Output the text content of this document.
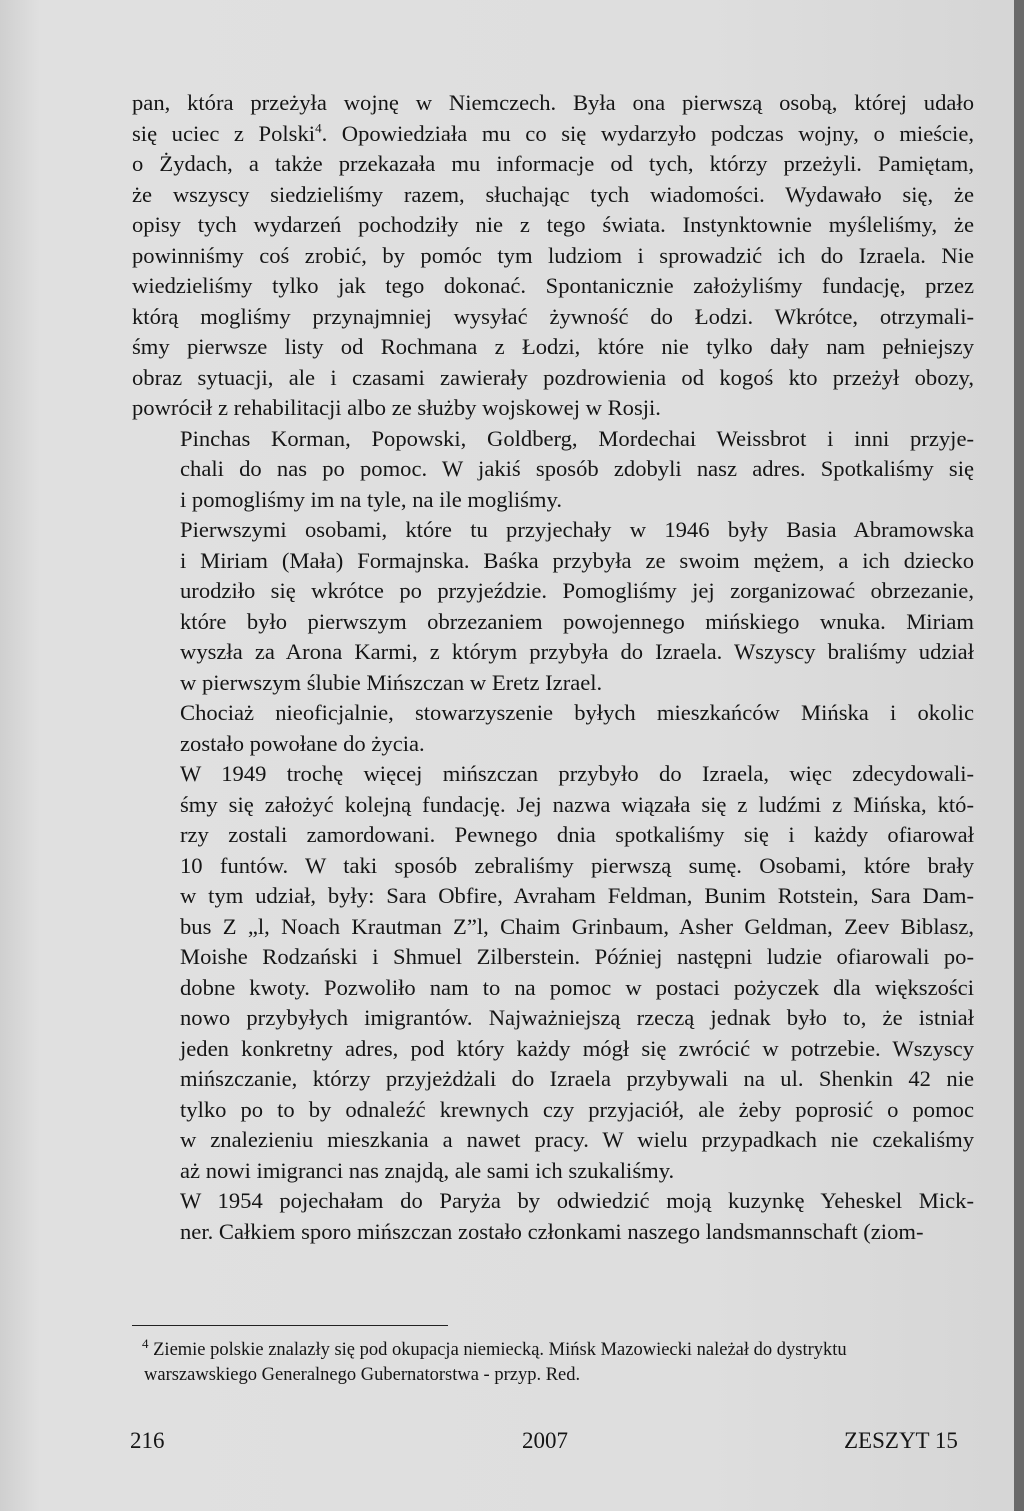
pan, która przeżyła wojnę w Niemczech. Była ona pierwszą osobą, której udało
się uciec z Polski$^4$. Opowiedziała mu co się wydarzyło podczas wojny, o mieście,
o Żydach, a także przekazała mu informacje od tych, którzy przeżyli. Pamiętam,
że wszyscy siedzieliśmy razem, słuchając tych wiadomości. Wydawało się, że
opisy tych wydarzeń pochodziły nie z tego świata. Instynktownie myśleliśmy, że
powinniśmy coś zrobić, by pomóc tym ludziom i sprowadzić ich do Izraela. Nie
wiedzieliśmy tylko jak tego dokonać. Spontanicznie założyliśmy fundację, przez
którą mogliśmy przynajmniej wysyłać żywność do Łodzi. Wkrótce, otrzymali-
śmy pierwsze listy od Rochmana z Łodzi, które nie tylko dały nam pełniejszy
obraz sytuacji, ale i czasami zawierały pozdrowienia od kogoś kto przeżył obozy,
powrócił z rehabilitacji albo ze służby wojskowej w Rosji.

Pinchas Korman, Popowski, Goldberg, Mordechai Weissbrot i inni przyje-
chali do nas po pomoc. W jakiś sposób zdobyli nasz adres. Spotkaliśmy się
i pomogliśmy im na tyle, na ile mogliśmy.

Pierwszymi osobami, które tu przyjechały w 1946 były Basia Abramowska
i Miriam (Mała) Formajnska. Baśka przybyła ze swoim mężem, a ich dziecko
urodziło się wkrótce po przyjeździe. Pomogliśmy jej zorganizować obrzezanie,
które było pierwszym obrzezaniem powojennego mińskiego wnuka. Miriam
wyszła za Arona Karmi, z którym przybyła do Izraela. Wszyscy braliśmy udział
w pierwszym ślubie Mińszczan w Eretz Izrael.

Chociaż nieoficjalnie, stowarzyszenie byłych mieszkańców Mińska i okolic
zostało powołane do życia.

W 1949 trochę więcej mińszczan przybyło do Izraela, więc zdecydowali-
śmy się założyć kolejną fundację. Jej nazwa wiązała się z ludźmi z Mińska, któ-
rzy zostali zamordowani. Pewnego dnia spotkaliśmy się i każdy ofiarował
10 funtów. W taki sposób zebraliśmy pierwszą sumę. Osobami, które brały
w tym udział, były: Sara Obfire, Avraham Feldman, Bunim Rotstein, Sara Dam-
bus Z „l, Noach Krautman Z”l, Chaim Grinbaum, Asher Geldman, Zeev Biblasz,
Moishe Rodzański i Shmuel Zilberstein. Później następni ludzie ofiarowali po-
dobne kwoty. Pozwoliło nam to na pomoc w postaci pożyczek dla większości
nowo przybyłych imigrantów. Najważniejszą rzeczą jednak było to, że istniał
jeden konkretny adres, pod który każdy mógł się zwrócić w potrzebie. Wszyscy
mińszczanie, którzy przyjeżdżali do Izraela przybywali na ul. Shenkin 42 nie
tylko po to by odnaleźć krewnych czy przyjaciół, ale żeby poprosić o pomoc
w znalezieniu mieszkania a nawet pracy. W wielu przypadkach nie czekaliśmy
aż nowi imigranci nas znajdą, ale sami ich szukaliśmy.

W 1954 pojechałam do Paryża by odwiedzić moją kuzynkę Yeheskel Mick-
ner. Całkiem sporo mińszczan zostało członkami naszego landsmannschaft (ziom-

$^4$ Ziemie polskie znalazły się pod okupacja niemiecką. Mińsk Mazowiecki należał do dystryktu
warszawskiego Generalnego Gubernatorstwa - przyp. Red.
216	2007	ZESZYT 15
